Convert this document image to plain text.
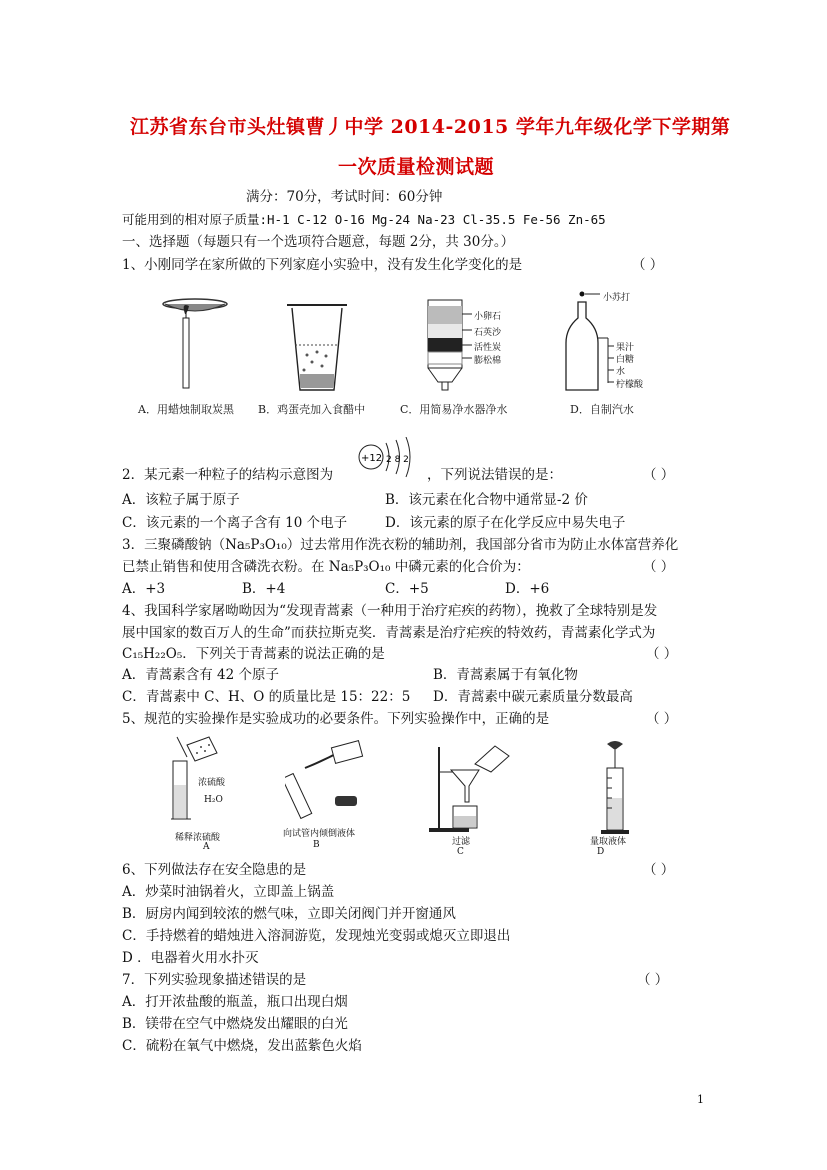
江苏省东台市头灶镇曹丿中学 2014-2015 学年九年级化学下学期第
一次质量检测试题
满分：70分，考试时间：60分钟
可能用到的相对原子质量:H-1 C-12 O-16 Mg-24 Na-23 Cl-35.5 Fe-56 Zn-65
一、选择题（每题只有一个选项符合题意，每题 2分，共 30分。）
1、小刚同学在家所做的下列家庭小实验中，没有发生化学变化的是	（ ）
小卵石
石英沙
活性炭
膨松棉
小苏打
果汁
白糖
水
柠檬酸
A．用蜡烛制取炭黑 B．鸡蛋壳加入食醋中	C．用简易净水器净水	D．自制汽水
2．某元素一种粒子的结构示意图为
+12 2 8 2
，下列说法错误的是：	（ ）
A．该粒子属于原子	B．该元素在化合物中通常显-2 价
C．该元素的一个离子含有 10 个电子	D．该元素的原子在化学反应中易失电子
3．三聚磷酸钠（Na₅P₃O₁₀）过去常用作洗衣粉的辅助剂，我国部分省市为防止水体富营养化
已禁止销售和使用含磷洗衣粉。在 Na₅P₃O₁₀ 中磷元素的化合价为：	（ ）
A．+3	B．+4	C．+5	D．+6
4、我国科学家屠呦呦因为“发现青蒿素（一种用于治疗疟疾的药物），挽救了全球特别是发
展中国家的数百万人的生命”而获拉斯克奖．青蒿素是治疗疟疾的特效药，青蒿素化学式为
C₁₅H₂₂O₅．下列关于青蒿素的说法正确的是	（ ）
A．青蒿素含有 42 个原子	B．青蒿素属于有氧化物
C．青蒿素中 C、H、O 的质量比是 15：22：5 D．青蒿素中碳元素质量分数最高
5、规范的实验操作是实验成功的必要条件。下列实验操作中，正确的是	（ ）
浓硫酸
H₂O
稀释浓硫酸	向试管内倾倒液体
过滤	量取液体
A	B
C	D
6、下列做法存在安全隐患的是	（ ）
A．炒菜时油锅着火，立即盖上锅盖
B．厨房内闻到较浓的燃气味，立即关闭阀门并开窗通风
C．手持燃着的蜡烛进入溶洞游览，发现烛光变弱或熄灭立即退出
D ．电器着火用水扑灭
7．下列实验现象描述错误的是	（ ）
A．打开浓盐酸的瓶盖，瓶口出现白烟
B．镁带在空气中燃烧发出耀眼的白光
C．硫粉在氧气中燃烧，发出蓝紫色火焰
1
